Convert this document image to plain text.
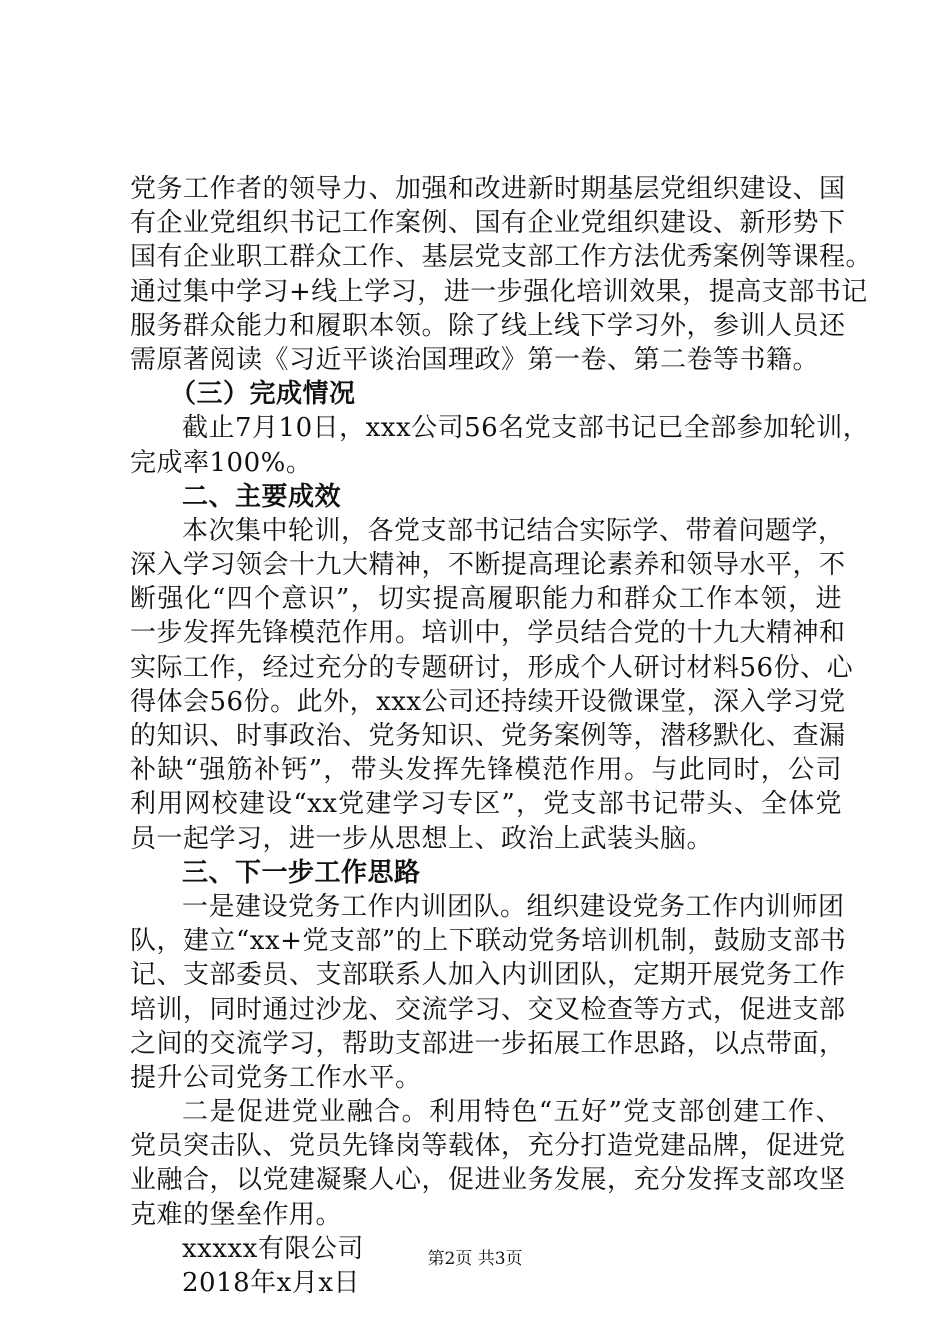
党务工作者的领导力、加强和改进新时期基层党组织建设、国
有企业党组织书记工作案例、国有企业党组织建设、新形势下
国有企业职工群众工作、基层党支部工作方法优秀案例等课程。
通过集中学习+线上学习，进一步强化培训效果，提高支部书记
服务群众能力和履职本领。除了线上线下学习外，参训人员还
需原著阅读《习近平谈治国理政》第一卷、第二卷等书籍。
（三）完成情况
截止7月10日，xxx公司56名党支部书记已全部参加轮训，
完成率100%。
二、主要成效
本次集中轮训，各党支部书记结合实际学、带着问题学，
深入学习领会十九大精神，不断提高理论素养和领导水平，不
断强化“四个意识”，切实提高履职能力和群众工作本领，进
一步发挥先锋模范作用。培训中，学员结合党的十九大精神和
实际工作，经过充分的专题研讨，形成个人研讨材料56份、心
得体会56份。此外，xxx公司还持续开设微课堂，深入学习党
的知识、时事政治、党务知识、党务案例等，潜移默化、查漏
补缺“强筋补钙”，带头发挥先锋模范作用。与此同时，公司
利用网校建设“xx党建学习专区”，党支部书记带头、全体党
员一起学习，进一步从思想上、政治上武装头脑。
三、下一步工作思路
一是建设党务工作内训团队。组织建设党务工作内训师团
队，建立“xx+党支部”的上下联动党务培训机制，鼓励支部书
记、支部委员、支部联系人加入内训团队，定期开展党务工作
培训，同时通过沙龙、交流学习、交叉检查等方式，促进支部
之间的交流学习，帮助支部进一步拓展工作思路，以点带面，
提升公司党务工作水平。
二是促进党业融合。利用特色“五好”党支部创建工作、
党员突击队、党员先锋岗等载体，充分打造党建品牌，促进党
业融合，以党建凝聚人心，促进业务发展，充分发挥支部攻坚
克难的堡垒作用。
xxxxx有限公司
2018年x月x日
第2页 共3页
